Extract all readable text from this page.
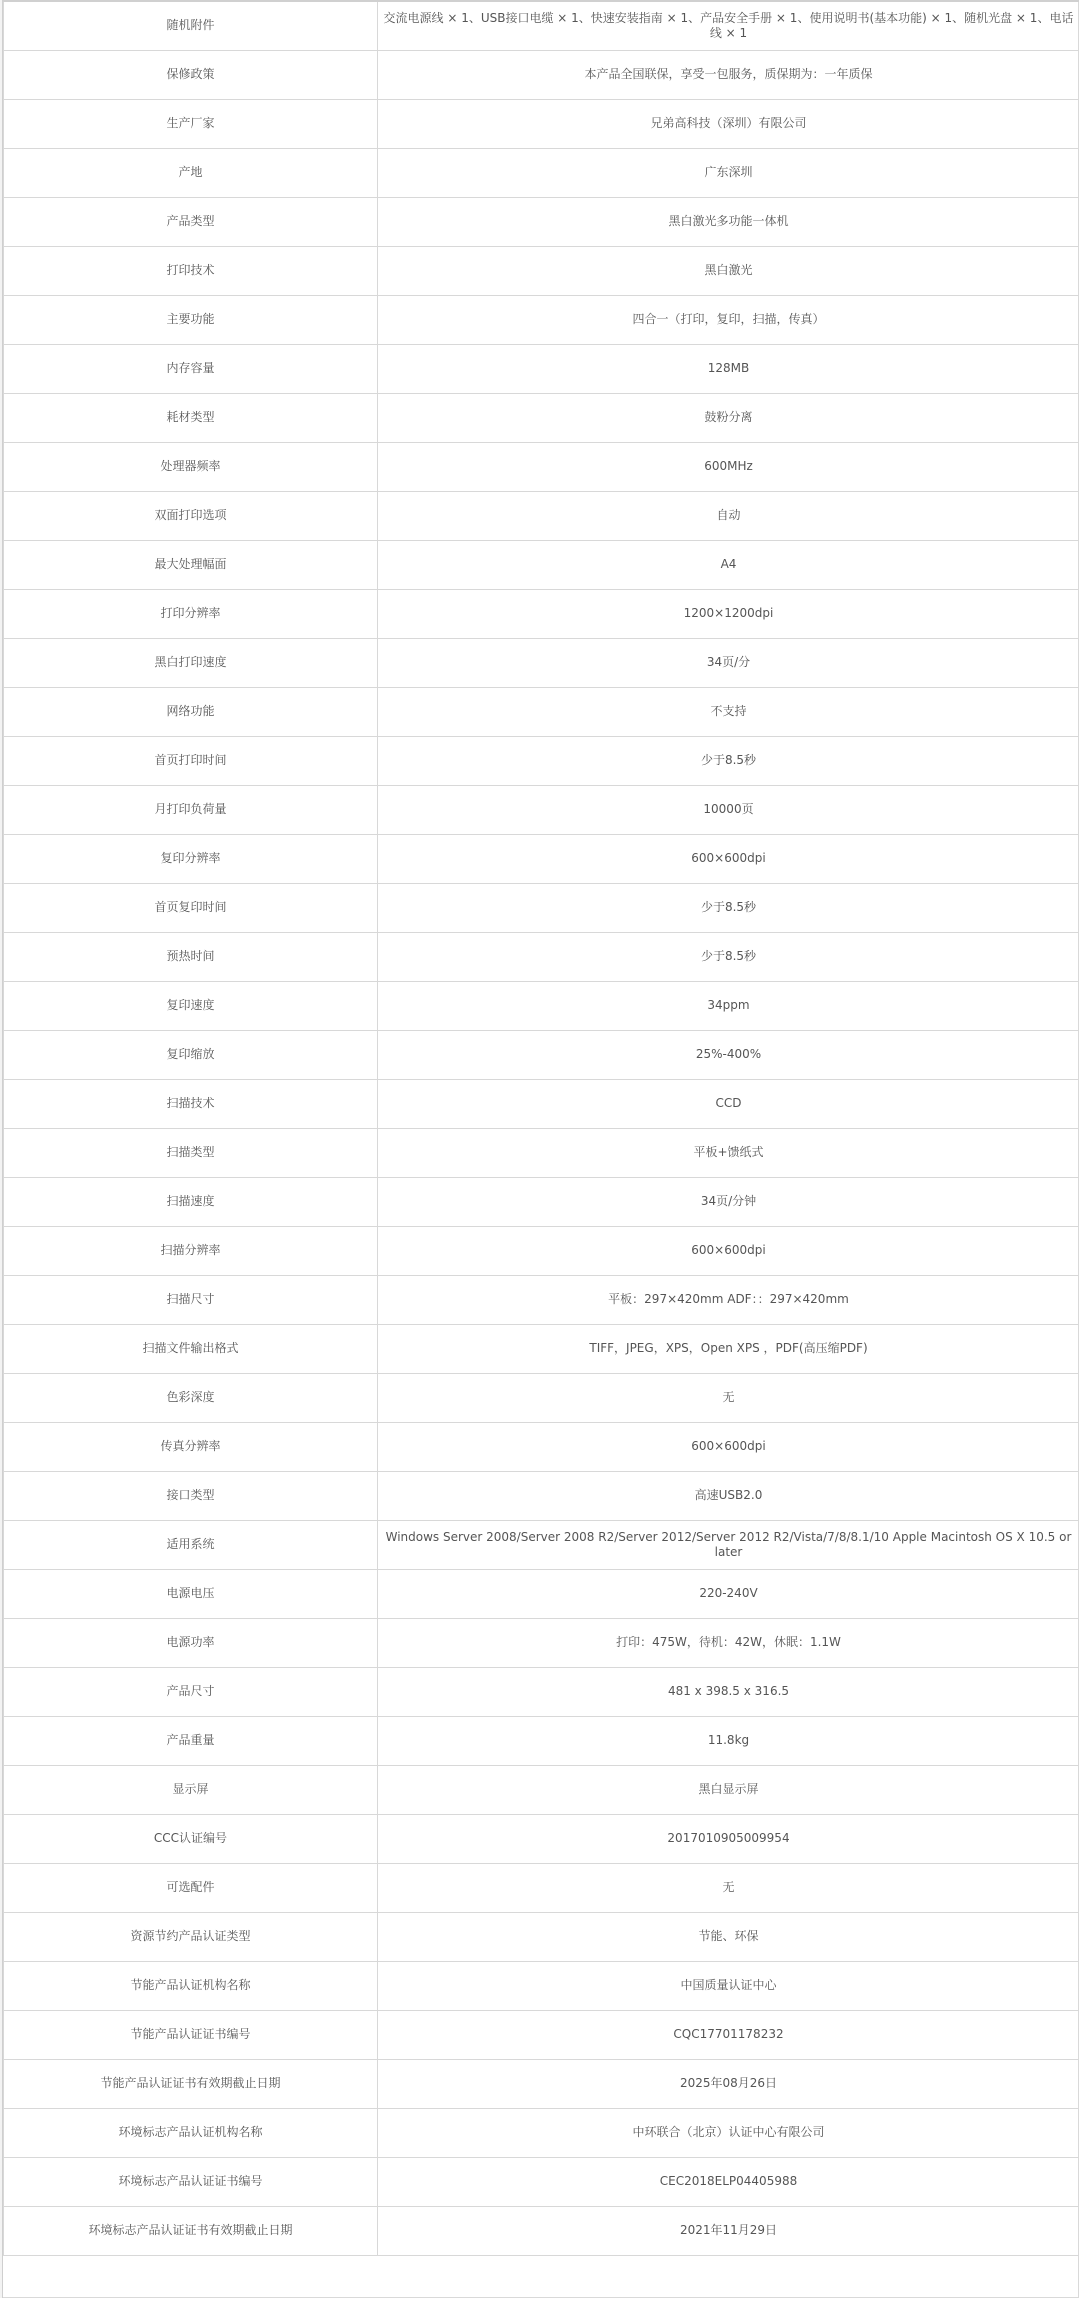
随机附件	交流电源线 × 1、USB接口电缆 × 1、快速安装指南 × 1、产品安全手册 × 1、使用说明书(基本功能) × 1、随机光盘 × 1、电话线 × 1
保修政策	本产品全国联保，享受一包服务，质保期为：一年质保
生产厂家	兄弟高科技（深圳）有限公司
产地	广东深圳
产品类型	黑白激光多功能一体机
打印技术	黑白激光
主要功能	四合一（打印，复印，扫描，传真）
内存容量	128MB
耗材类型	鼓粉分离
处理器频率	600MHz
双面打印选项	自动
最大处理幅面	A4
打印分辨率	1200×1200dpi
黑白打印速度	34页/分
网络功能	不支持
首页打印时间	少于8.5秒
月打印负荷量	10000页
复印分辨率	600×600dpi
首页复印时间	少于8.5秒
预热时间	少于8.5秒
复印速度	34ppm
复印缩放	25%-400%
扫描技术	CCD
扫描类型	平板+馈纸式
扫描速度	34页/分钟
扫描分辨率	600×600dpi
扫描尺寸	平板：297×420mm ADF：：297×420mm
扫描文件输出格式	TIFF，JPEG，XPS，Open XPS ，PDF(高压缩PDF)
色彩深度	无
传真分辨率	600×600dpi
接口类型	高速USB2.0
适用系统	Windows Server 2008/Server 2008 R2/Server 2012/Server 2012 R2/Vista/7/8/8.1/10 Apple Macintosh OS X 10.5 or later
电源电压	220-240V
电源功率	打印：475W，待机：42W，休眠：1.1W
产品尺寸	481 x 398.5 x 316.5
产品重量	11.8kg
显示屏	黑白显示屏
CCC认证编号	2017010905009954
可选配件	无
资源节约产品认证类型	节能、环保
节能产品认证机构名称	中国质量认证中心
节能产品认证证书编号	CQC17701178232
节能产品认证证书有效期截止日期	2025年08月26日
环境标志产品认证机构名称	中环联合（北京）认证中心有限公司
环境标志产品认证证书编号	CEC2018ELP04405988
环境标志产品认证证书有效期截止日期	2021年11月29日
